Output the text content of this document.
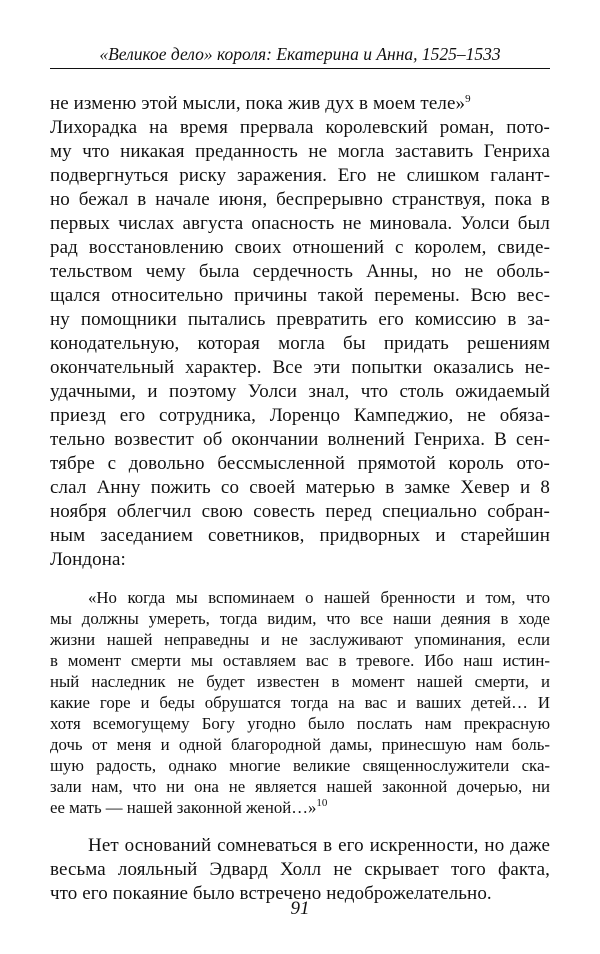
«Великое дело» короля: Екатерина и Анна, 1525–1533
не изменю этой мысли, пока жив дух в моем теле»$^9$
Лихорадка на время прервала королевский роман, пото-
му что никакая преданность не могла заставить Генриха
подвергнуться риску заражения. Его не слишком галант-
но бежал в начале июня, беспрерывно странствуя, пока в
первых числах августа опасность не миновала. Уолси был
рад восстановлению своих отношений с королем, свиде-
тельством чему была сердечность Анны, но не оболь-
щался относительно причины такой перемены. Всю вес-
ну помощники пытались превратить его комиссию в за-
конодательную, которая могла бы придать решениям
окончательный характер. Все эти попытки оказались не-
удачными, и поэтому Уолси знал, что столь ожидаемый
приезд его сотрудника, Лоренцо Кампеджио, не обяза-
тельно возвестит об окончании волнений Генриха. В сен-
тябре с довольно бессмысленной прямотой король ото-
слал Анну пожить со своей матерью в замке Хевер и 8
ноября облегчил свою совесть перед специально собран-
ным заседанием советников, придворных и старейшин
Лондона:
«Но когда мы вспоминаем о нашей бренности и том, что
мы должны умереть, тогда видим, что все наши деяния в ходе
жизни нашей неправедны и не заслуживают упоминания, если
в момент смерти мы оставляем вас в тревоге. Ибо наш истин-
ный наследник не будет известен в момент нашей смерти, и
какие горе и беды обрушатся тогда на вас и ваших детей… И
хотя всемогущему Богу угодно было послать нам прекрасную
дочь от меня и одной благородной дамы, принесшую нам боль-
шую радость, однако многие великие священнослужители ска-
зали нам, что ни она не является нашей законной дочерью, ни
ее мать — нашей законной женой…»$^{10}$
Нет оснований сомневаться в его искренности, но даже
весьма лояльный Эдвард Холл не скрывает того факта,
что его покаяние было встречено недоброжелательно.
91
